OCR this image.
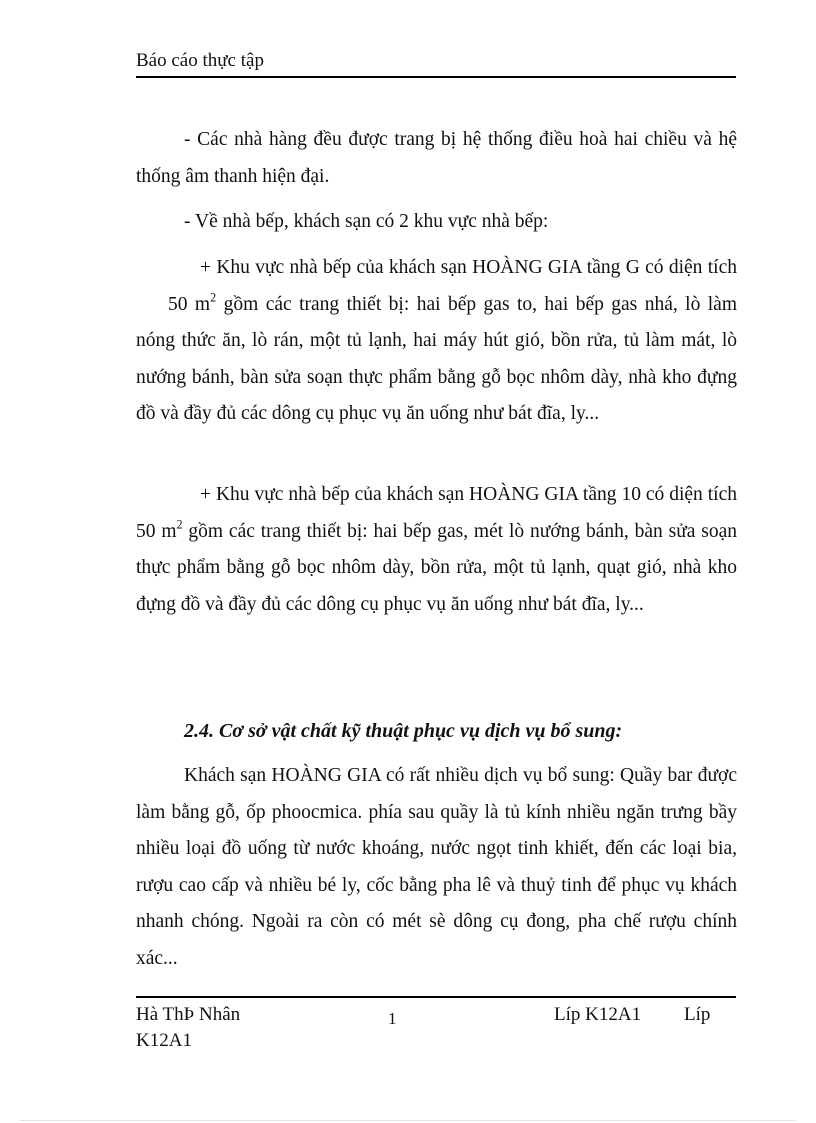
Báo cáo thực tập

- Các nhà hàng đều được trang bị hệ thống điều hoà hai chiều và hệ thống âm thanh hiện đại.

- Về nhà bếp, khách sạn có 2 khu vực nhà bếp:

+ Khu vực nhà bếp của khách sạn HOÀNG GIA tầng G có diện tích50 $m^2$ gồm các trang thiết bị: hai bếp gas to, hai bếp gas nhá, lò làm nóng thức ăn, lò rán, một tủ lạnh, hai máy hút gió, bồn rửa, tủ làm mát, lò nướng bánh, bàn sửa soạn thực phẩm bằng gỗ bọc nhôm dày, nhà kho đựng đồ và đầy đủ các dông cụ phục vụ ăn uống như bát đĩa, ly...

+ Khu vực nhà bếp của khách sạn HOÀNG GIA tầng 10 có diện tích 50 $m^2$ gồm các trang thiết bị: hai bếp gas, mét lò nướng bánh, bàn sửa soạn thực phẩm bằng gỗ bọc nhôm dày, bồn rửa, một tủ lạnh, quạt gió, nhà kho đựng đồ và đầy đủ các dông cụ phục vụ ăn uống như bát đĩa, ly...

2.4. Cơ sở vật chất kỹ thuật phục vụ dịch vụ bổ sung:

Khách sạn HOÀNG GIA có rất nhiều dịch vụ bổ sung: Quầy bar được làm bằng gỗ, ốp phoocmica. phía sau quầy là tủ kính nhiều ngăn trưng bầy nhiều loại đồ uống từ nước khoáng, nước ngọt tinh khiết, đến các loại bia, rượu cao cấp và nhiều bé ly, cốc bằng pha lê và thuỷ tinh để phục vụ khách nhanh chóng. Ngoài ra còn có mét sè dông cụ đong, pha chế rượu chính xác...

Hà ThÞ Nhân	1	Líp K12A1 Líp
K12A1
